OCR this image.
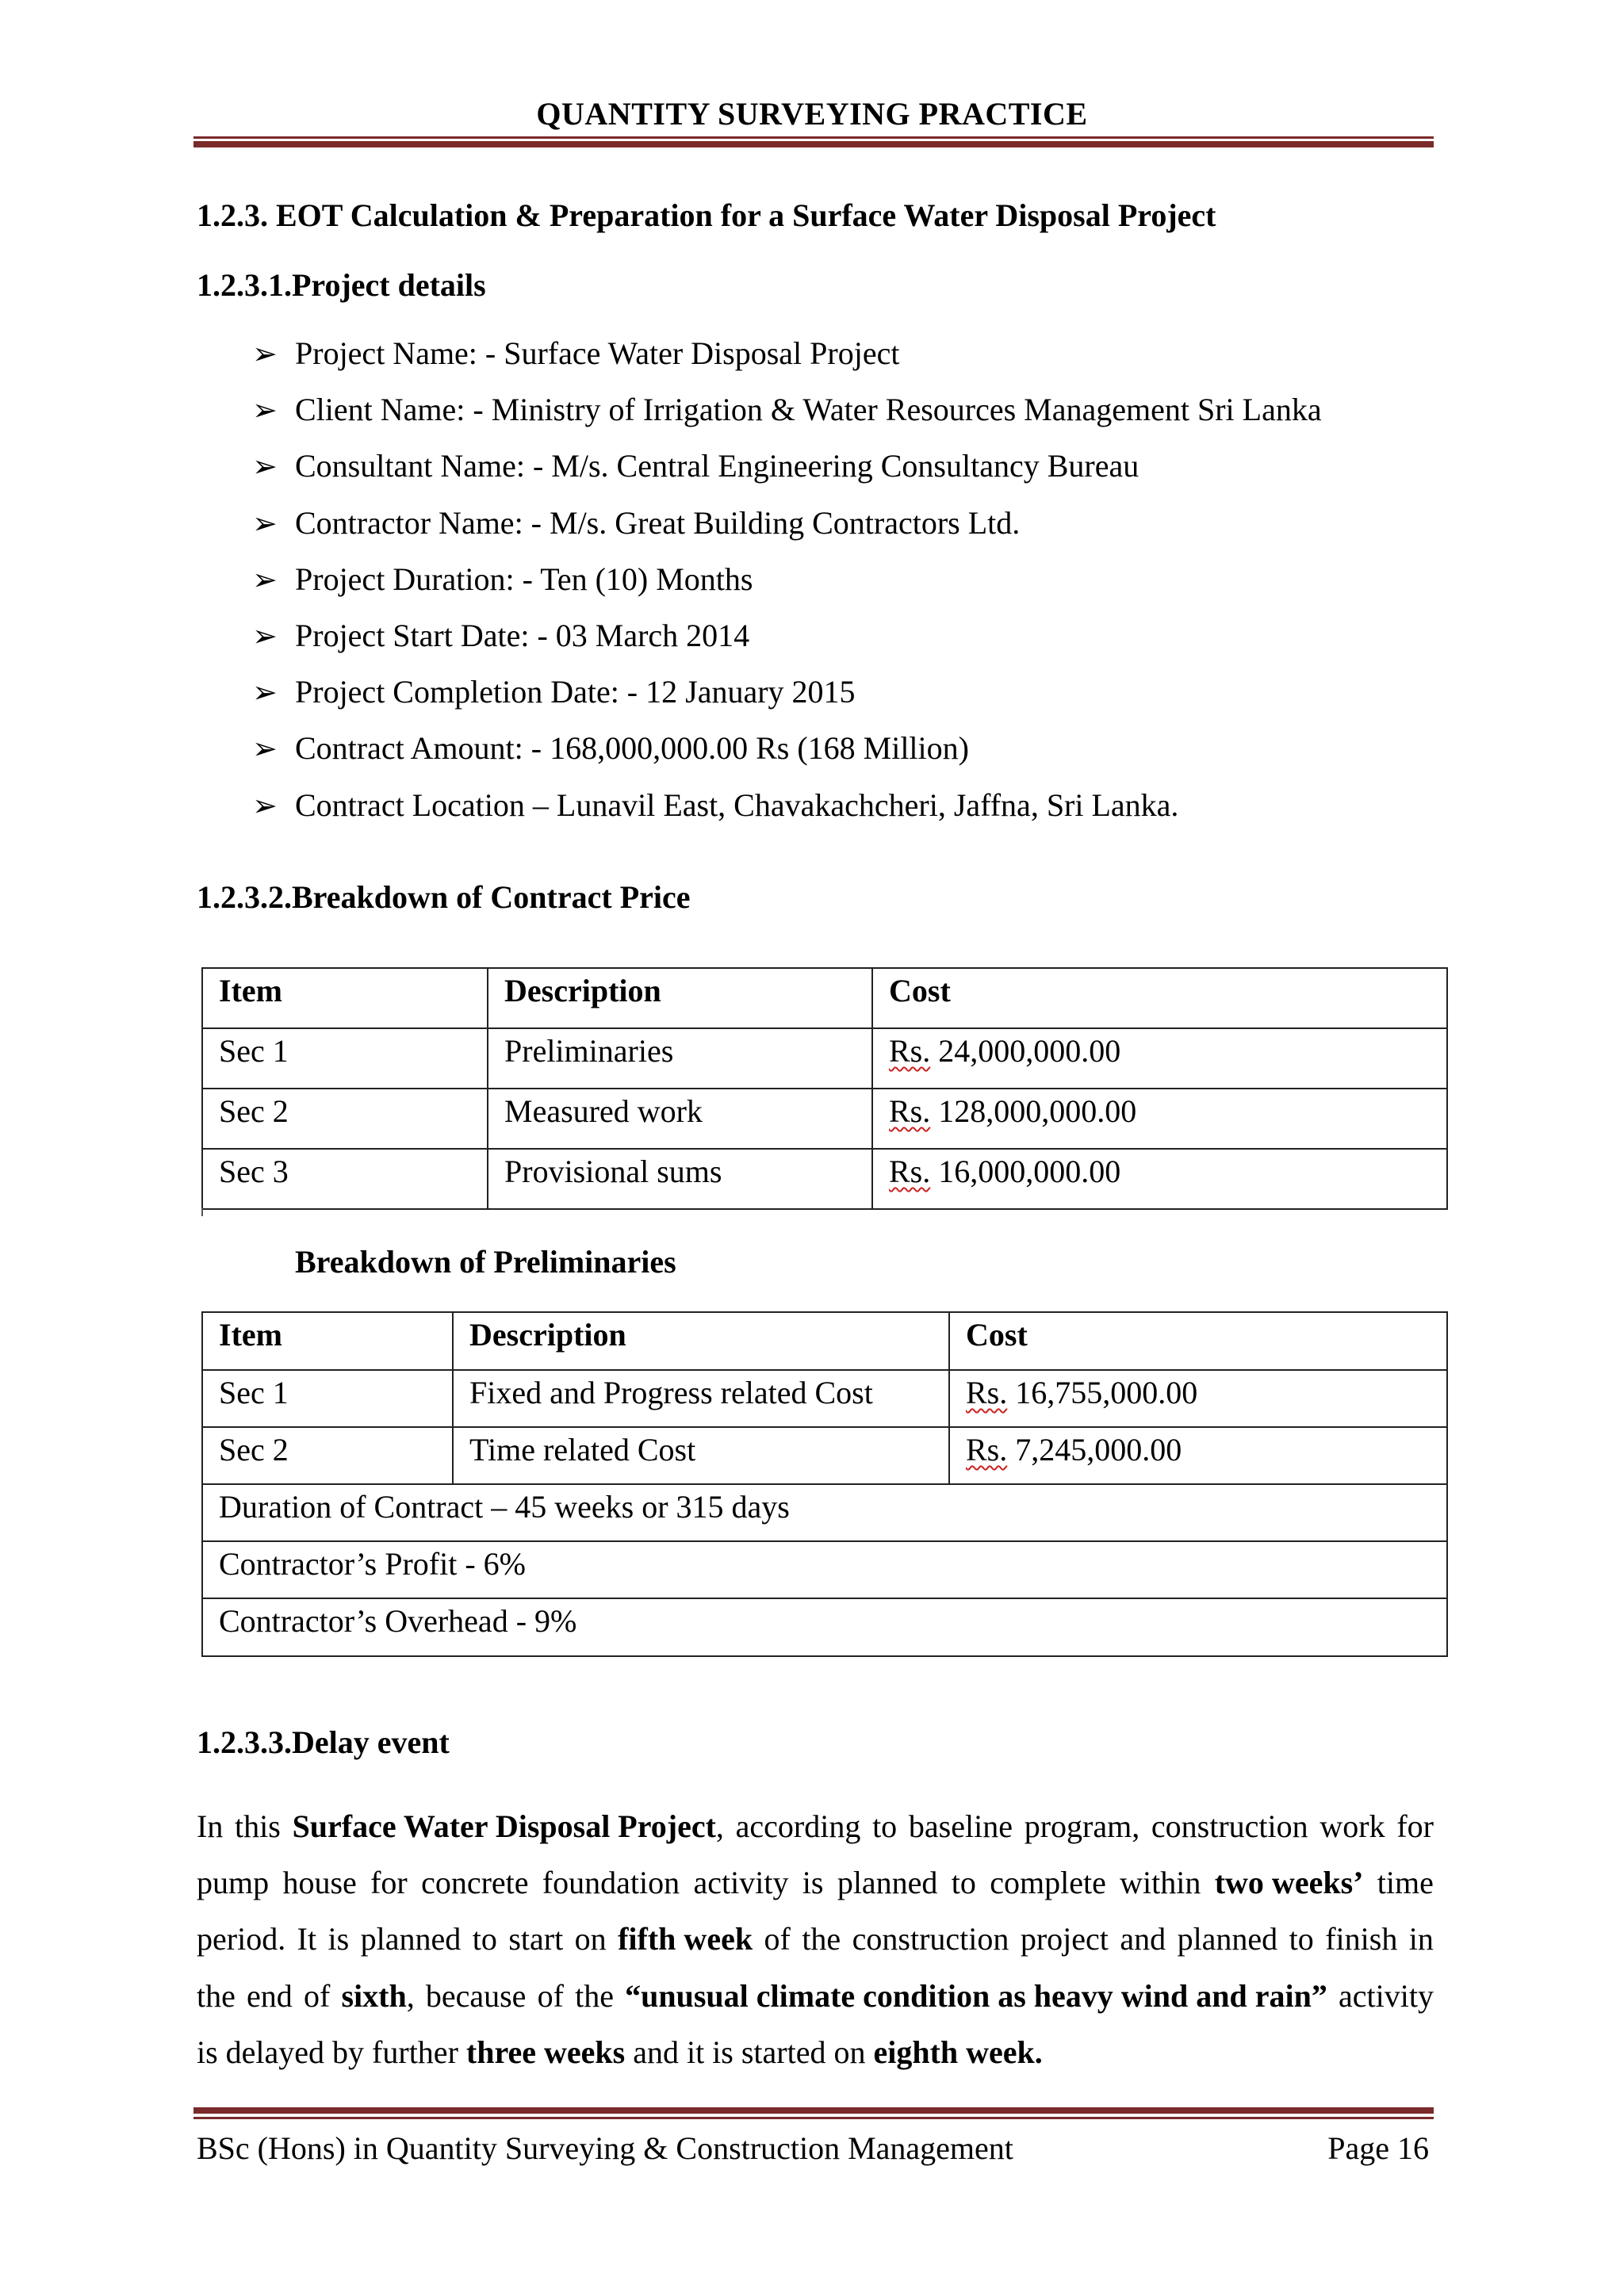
QUANTITY SURVEYING PRACTICE
1.2.3. EOT Calculation & Preparation for a Surface Water Disposal Project
1.2.3.1.Project details
➢ Project Name: - Surface Water Disposal Project
➢ Client Name: - Ministry of Irrigation & Water Resources Management Sri Lanka
➢ Consultant Name: - M/s. Central Engineering Consultancy Bureau
➢ Contractor Name: - M/s. Great Building Contractors Ltd.
➢ Project Duration: - Ten (10) Months
➢ Project Start Date: - 03 March 2014
➢ Project Completion Date: - 12 January 2015
➢ Contract Amount: - 168,000,000.00 Rs (168 Million)
➢ Contract Location – Lunavil East, Chavakachcheri, Jaffna, Sri Lanka.
1.2.3.2.Breakdown of Contract Price
Item	Description	Cost
Sec 1	Preliminaries	Rs. 24,000,000.00
Sec 2	Measured work	Rs. 128,000,000.00
Sec 3	Provisional sums	Rs. 16,000,000.00
Breakdown of Preliminaries
Item	Description	Cost
Sec 1	Fixed and Progress related Cost	Rs. 16,755,000.00
Sec 2	Time related Cost	Rs. 7,245,000.00
Duration of Contract – 45 weeks or 315 days		
Contractor’s Profit - 6%		
Contractor’s Overhead - 9%		
1.2.3.3.Delay event
In this Surface Water Disposal Project, according to baseline program, construction work for
pump house for concrete foundation activity is planned to complete within two weeks’ time
period. It is planned to start on fifth week of the construction project and planned to finish in
the end of sixth, because of the “unusual climate condition as heavy wind and rain” activity
is delayed by further three weeks and it is started on eighth week.
BSc (Hons) in Quantity Surveying & Construction Management	Page 16
